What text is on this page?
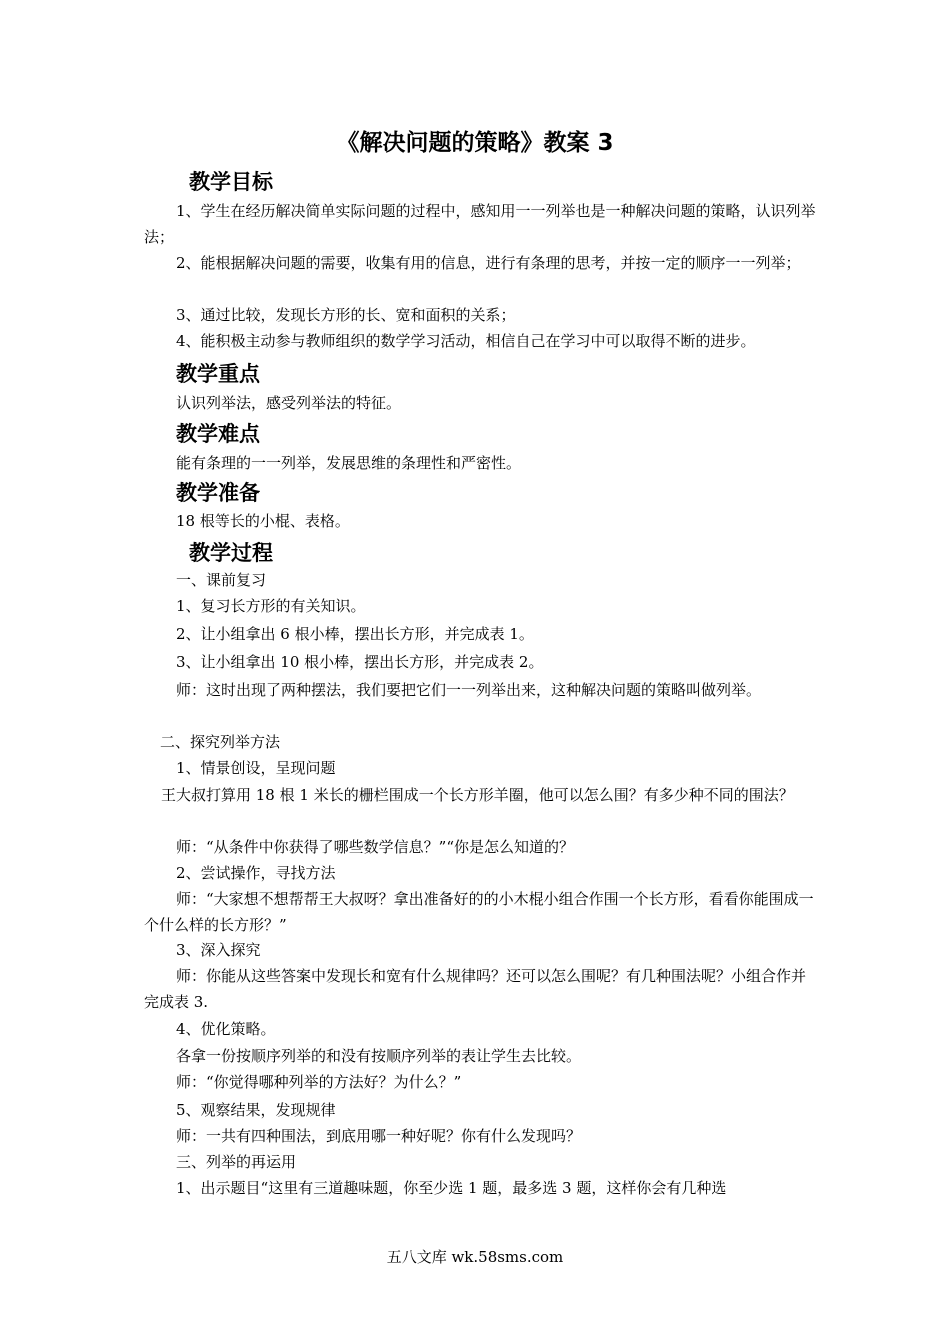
《解决问题的策略》教案 3
教学目标
1、学生在经历解决简单实际问题的过程中，感知用一一列举也是一种解决问题的策略，认识列举法；
2、能根据解决问题的需要，收集有用的信息，进行有条理的思考，并按一定的顺序一一列举；
3、通过比较，发现长方形的长、宽和面积的关系；
4、能积极主动参与教师组织的数学学习活动，相信自己在学习中可以取得不断的进步。
教学重点
认识列举法，感受列举法的特征。
教学难点
能有条理的一一列举，发展思维的条理性和严密性。
教学准备
18 根等长的小棍、表格。
教学过程
一、课前复习
1、复习长方形的有关知识。
2、让小组拿出 6 根小棒，摆出长方形，并完成表 1。
3、让小组拿出 10 根小棒，摆出长方形，并完成表 2。
师：这时出现了两种摆法，我们要把它们一一列举出来，这种解决问题的策略叫做列举。
二、探究列举方法
1、情景创设，呈现问题
王大叔打算用 18 根 1 米长的栅栏围成一个长方形羊圈，他可以怎么围？有多少种不同的围法？
师：“从条件中你获得了哪些数学信息？”“你是怎么知道的？
2、尝试操作，寻找方法
师：“大家想不想帮帮王大叔呀？拿出准备好的的小木棍小组合作围一个长方形，看看你能围成一个什么样的长方形？”
3、深入探究
师：你能从这些答案中发现长和宽有什么规律吗？还可以怎么围呢？有几种围法呢？小组合作并完成表 3.
4、优化策略。
各拿一份按顺序列举的和没有按顺序列举的表让学生去比较。
师：“你觉得哪种列举的方法好？为什么？”
5、观察结果，发现规律
师：一共有四种围法，到底用哪一种好呢？你有什么发现吗？
三、列举的再运用
1、出示题目“这里有三道趣味题，你至少选 1 题，最多选 3 题，这样你会有几种选
五八文库 wk.58sms.com
